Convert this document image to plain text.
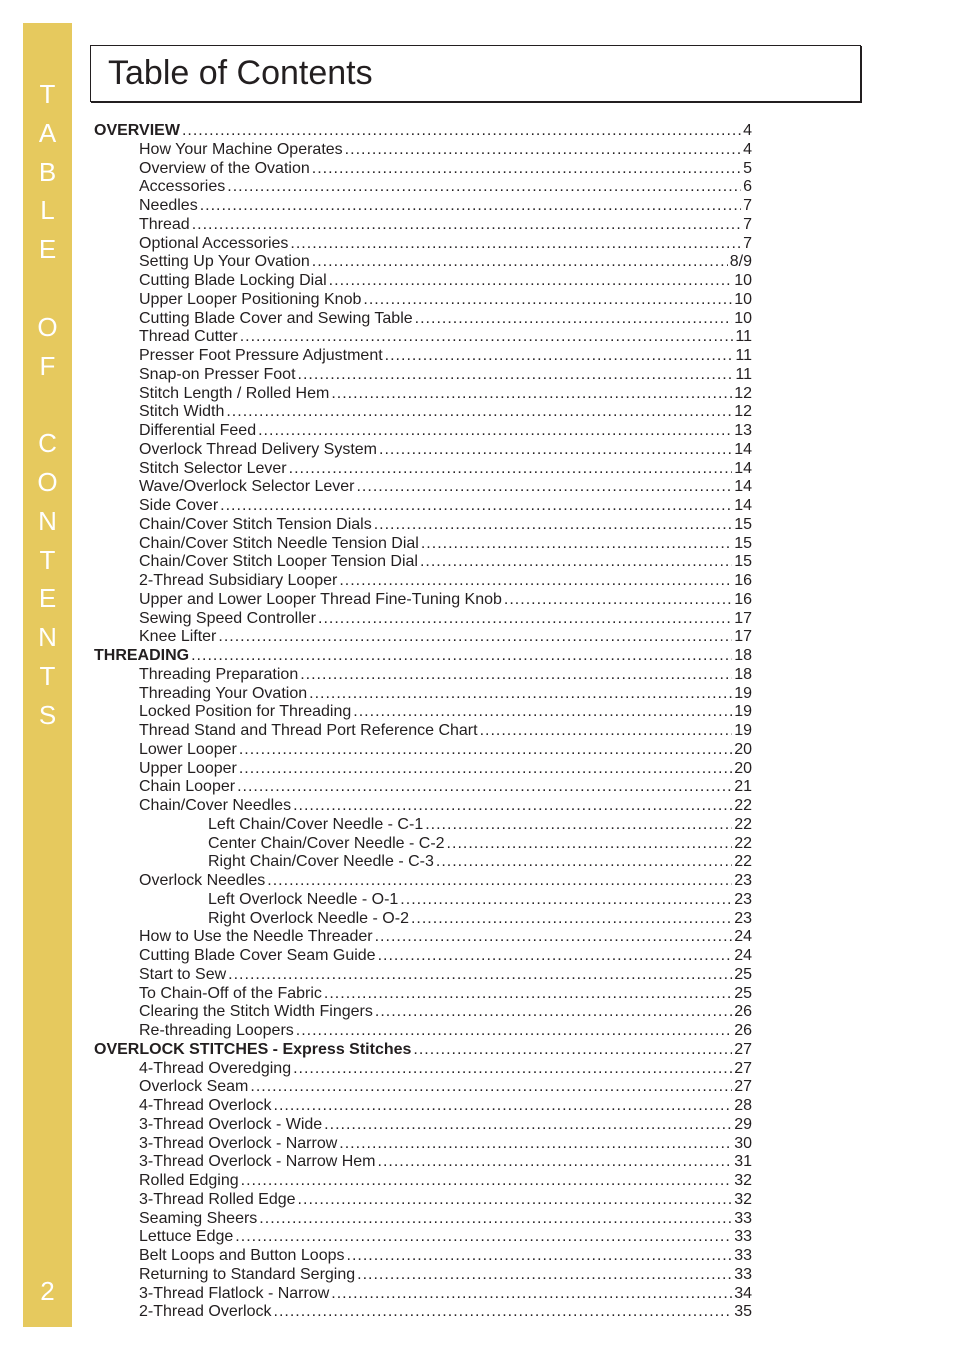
T
A
B
L
E

O
F

C
O
N
T
E
N
T
S
2
Table of Contents
OVERVIEW .....	4
How Your Machine Operates .....	4
Overview of the Ovation .....	5
Accessories .....	6
Needles .....	7
Thread .....	7
Optional Accessories .....	7
Setting Up Your Ovation .....	8/9
Cutting Blade Locking Dial .....	10
Upper Looper Positioning Knob .....	10
Cutting Blade Cover and Sewing Table .....	10
Thread Cutter .....	11
Presser Foot Pressure Adjustment .....	11
Snap-on Presser Foot .....	11
Stitch Length / Rolled Hem .....	12
Stitch Width .....	12
Differential Feed .....	13
Overlock Thread Delivery System .....	14
Stitch Selector Lever .....	14
Wave/Overlock Selector Lever .....	14
Side Cover .....	14
Chain/Cover Stitch Tension Dials .....	15
Chain/Cover Stitch Needle Tension Dial .....	15
Chain/Cover Stitch Looper Tension Dial .....	15
2-Thread Subsidiary Looper .....	16
Upper and Lower Looper Thread Fine-Tuning Knob .....	16
Sewing Speed Controller .....	17
Knee Lifter .....	17
THREADING .....	18
Threading Preparation .....	18
Threading Your Ovation .....	19
Locked Position for Threading .....	19
Thread Stand and Thread Port Reference Chart .....	19
Lower Looper .....	20
Upper Looper .....	20
Chain Looper .....	21
Chain/Cover Needles .....	22
Left Chain/Cover Needle - C-1 .....	22
Center Chain/Cover Needle - C-2 .....	22
Right Chain/Cover Needle - C-3 .....	22
Overlock Needles .....	23
Left Overlock Needle - O-1 .....	23
Right Overlock Needle - O-2 .....	23
How to Use the Needle Threader .....	24
Cutting Blade Cover Seam Guide .....	24
Start to Sew .....	25
To Chain-Off of the Fabric .....	25
Clearing the Stitch Width Fingers .....	26
Re-threading Loopers .....	26
OVERLOCK STITCHES - Express Stitches .....	27
4-Thread Overedging .....	27
Overlock Seam .....	27
4-Thread Overlock .....	28
3-Thread Overlock - Wide .....	29
3-Thread Overlock - Narrow .....	30
3-Thread Overlock - Narrow Hem .....	31
Rolled Edging .....	32
3-Thread Rolled Edge .....	32
Seaming Sheers .....	33
Lettuce Edge .....	33
Belt Loops and Button Loops .....	33
Returning to Standard Serging .....	33
3-Thread Flatlock - Narrow .....	34
2-Thread Overlock .....	35
